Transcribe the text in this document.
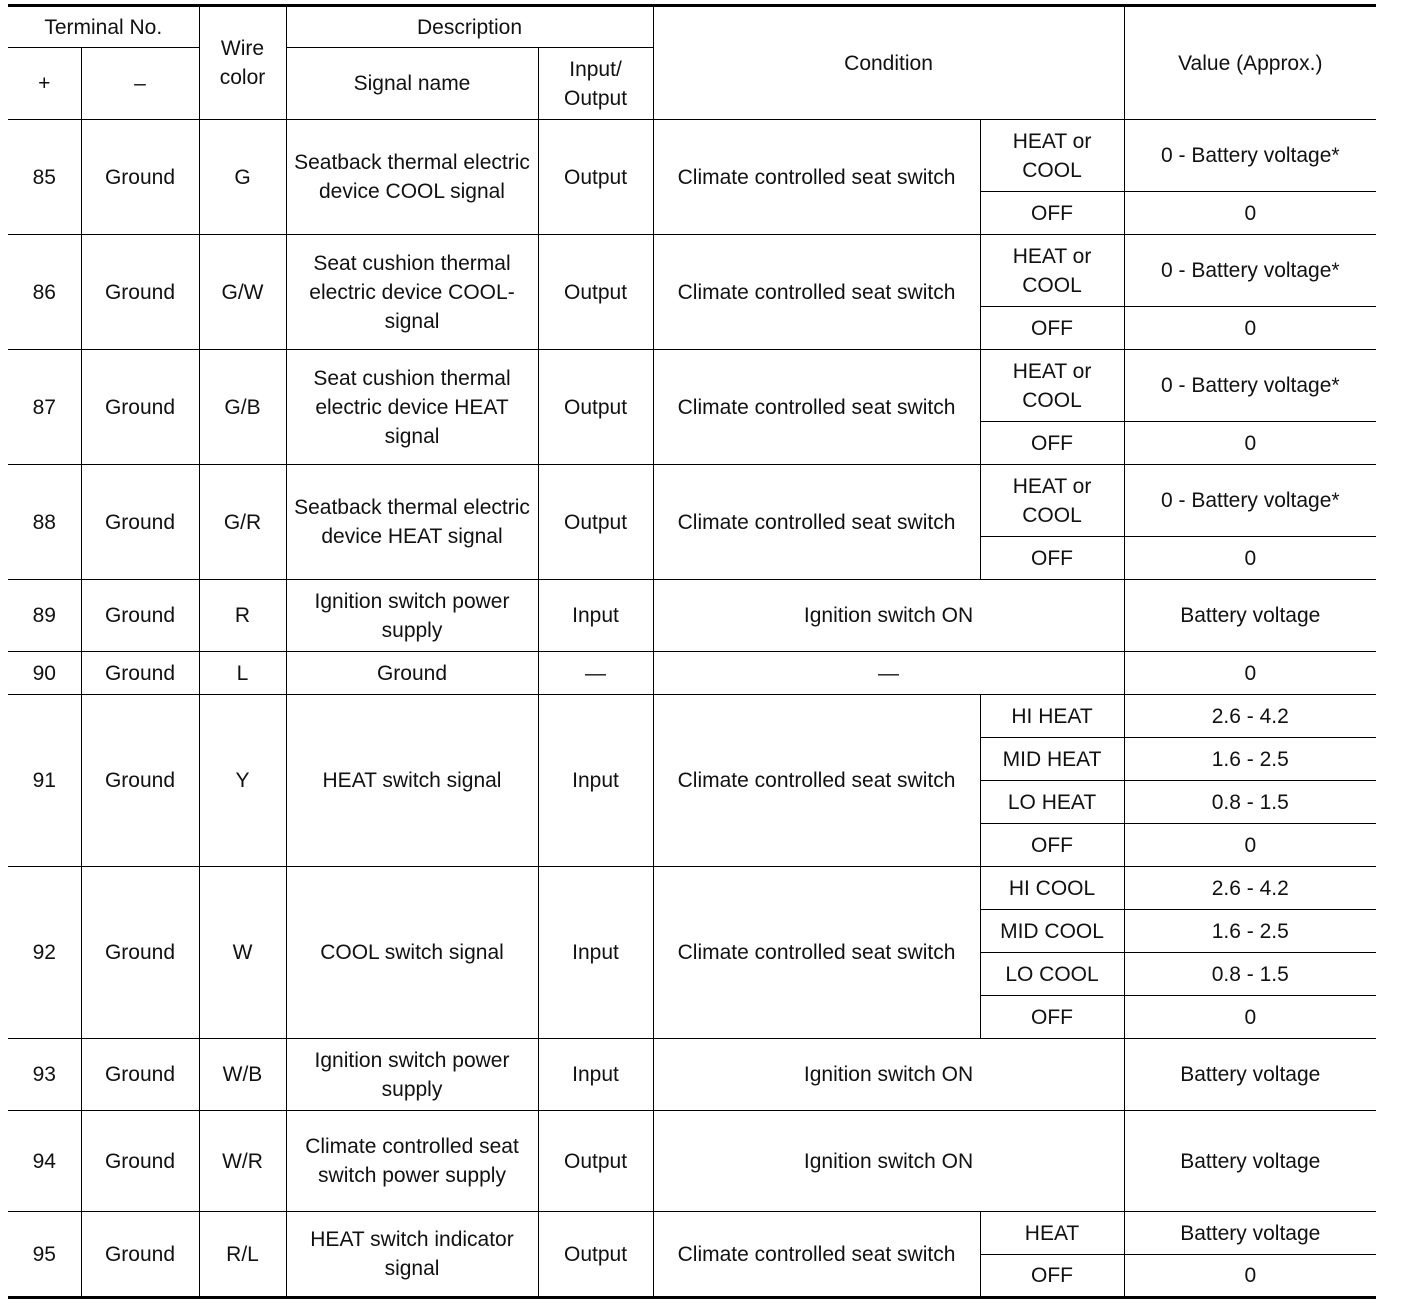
Terminal No.		Wire color	Description		Condition		Value (Approx.)
+	–		Signal name	Input/ Output			
85	Ground	G	Seatback thermal electric device COOL signal	Output	Climate controlled seat switch	HEAT or COOL	0 - Battery voltage*
						OFF	0
86	Ground	G/W	Seat cushion thermal electric device COOL-signal	Output	Climate controlled seat switch	HEAT or COOL	0 - Battery voltage*
						OFF	0
87	Ground	G/B	Seat cushion thermal electric device HEAT signal	Output	Climate controlled seat switch	HEAT or COOL	0 - Battery voltage*
						OFF	0
88	Ground	G/R	Seatback thermal electric device HEAT signal	Output	Climate controlled seat switch	HEAT or COOL	0 - Battery voltage*
						OFF	0
89	Ground	R	Ignition switch power supply	Input	Ignition switch ON		Battery voltage
90	Ground	L	Ground	—	—		0
91	Ground	Y	HEAT switch signal	Input	Climate controlled seat switch	HI HEAT	2.6 - 4.2
						MID HEAT	1.6 - 2.5
						LO HEAT	0.8 - 1.5
						OFF	0
92	Ground	W	COOL switch signal	Input	Climate controlled seat switch	HI COOL	2.6 - 4.2
						MID COOL	1.6 - 2.5
						LO COOL	0.8 - 1.5
						OFF	0
93	Ground	W/B	Ignition switch power supply	Input	Ignition switch ON		Battery voltage
94	Ground	W/R	Climate controlled seat switch power supply	Output	Ignition switch ON		Battery voltage
95	Ground	R/L	HEAT switch indicator signal	Output	Climate controlled seat switch	HEAT	Battery voltage
						OFF	0
